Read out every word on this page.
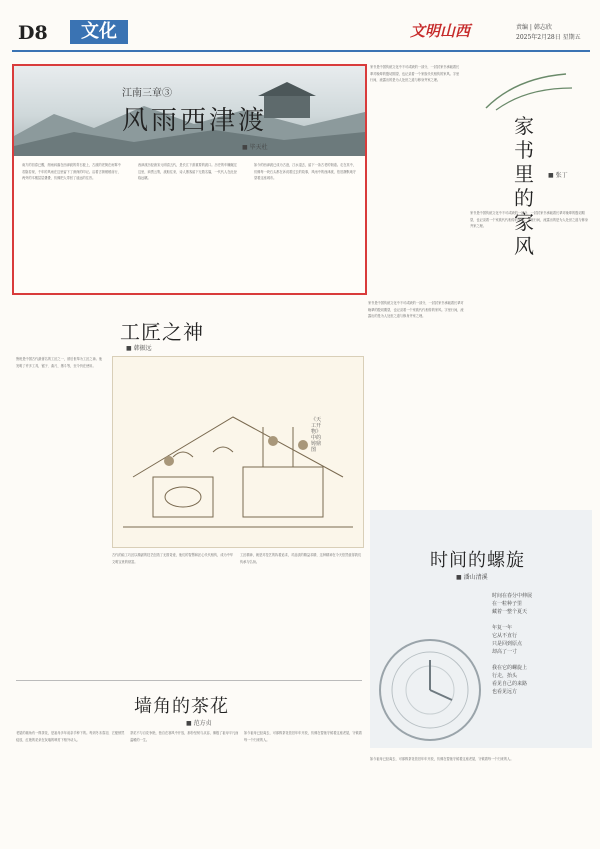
D8	文化	文明山西	责编 | 韩志欣
2025年2月28日 星期五
江南三章③
风雨西津渡
■ 毕天杜
南方的初春已醒，细雨斜落在西津渡的青石板上，古渡的老街在雨雾中若隐若现，千年的风雨在这里留下了深深的印记。沿着古街缓缓前行，两旁的木楼层层叠叠，仿佛把人带回了遥远的往昔。
西津渡历经唐宋元明清五代，是长江下游重要的渡口。历史的车辙碾过这里，商贾云集，渡船往来，诗人墨客留下无数名篇，一代代人在此登临远眺。
如今的西津渡已成为古迹，江水退去，留下一条古老的街道。走在其中，仿佛每一块石头都在诉说着过去的故事，风雨中的西津渡，依旧静默地守望着这座城市。
家书是中国传统文化中不可或缺的一部分，一封封家书承载着长辈对晚辈的殷切期望，也记录着一个家族代代相传的家风。字里行间，流露出的是为人处世之道与修身齐家之理。
家书里的家风
■ 张丁
家书是中国传统文化中不可或缺的一部分，一封封家书承载着长辈对晚辈的殷切期望，也记录着一个家族代代相传的家风。字里行间，流露出的是为人处世之道与修身齐家之理。
工匠之神
■ 韩振远
鲁班是中国古代最著名的工匠之一，被后世奉为工匠之神。他发明了许多工具，锯子、曲尺、墨斗等，至今仍在使用。
《天工开物》中的铸鼎图
古代的能工巧匠以精湛的技艺创造了无数奇迹，他们的智慧和匠心代代相传，成为中华文明宝贵的财富。
工匠精神，就是对技艺的执着追求，对品质的精益求精，这种精神在今天依然值得我们传承与弘扬。
家书是中国传统文化中不可或缺的一部分，一封封家书承载着长辈对晚辈的殷切期望，也记录着一个家族代代相传的家风。字里行间，流露出的是为人处世之道与修身齐家之理。
时间的螺旋
■ 潘山清溪
时间在春分中伸展
在一粒种子里
藏着一整个夏天
年复一年
它从不直行
只是回到原点
却高了一寸
我在它的螺旋上
行走，抬头
看见自己的来路
也看见远方
墙角的茶花
■ 范方贞
老屋的墙角有一株茶花，是祖母多年前亲手种下的。每到冬末春初，它便悄然绽放，红艳的花朵在灰墙的映衬下格外动人。
茶花不与百花争艳，独自在寒风中开放，那份坚韧与从容，像极了祖母平凡而温暖的一生。
如今祖母已经离去，可那株茶花依旧年年开放，仿佛在替她守候着这座老屋，守候着每一个归来的人。
如今祖母已经离去，可那株茶花依旧年年开放，仿佛在替她守候着这座老屋，守候着每一个归来的人。
